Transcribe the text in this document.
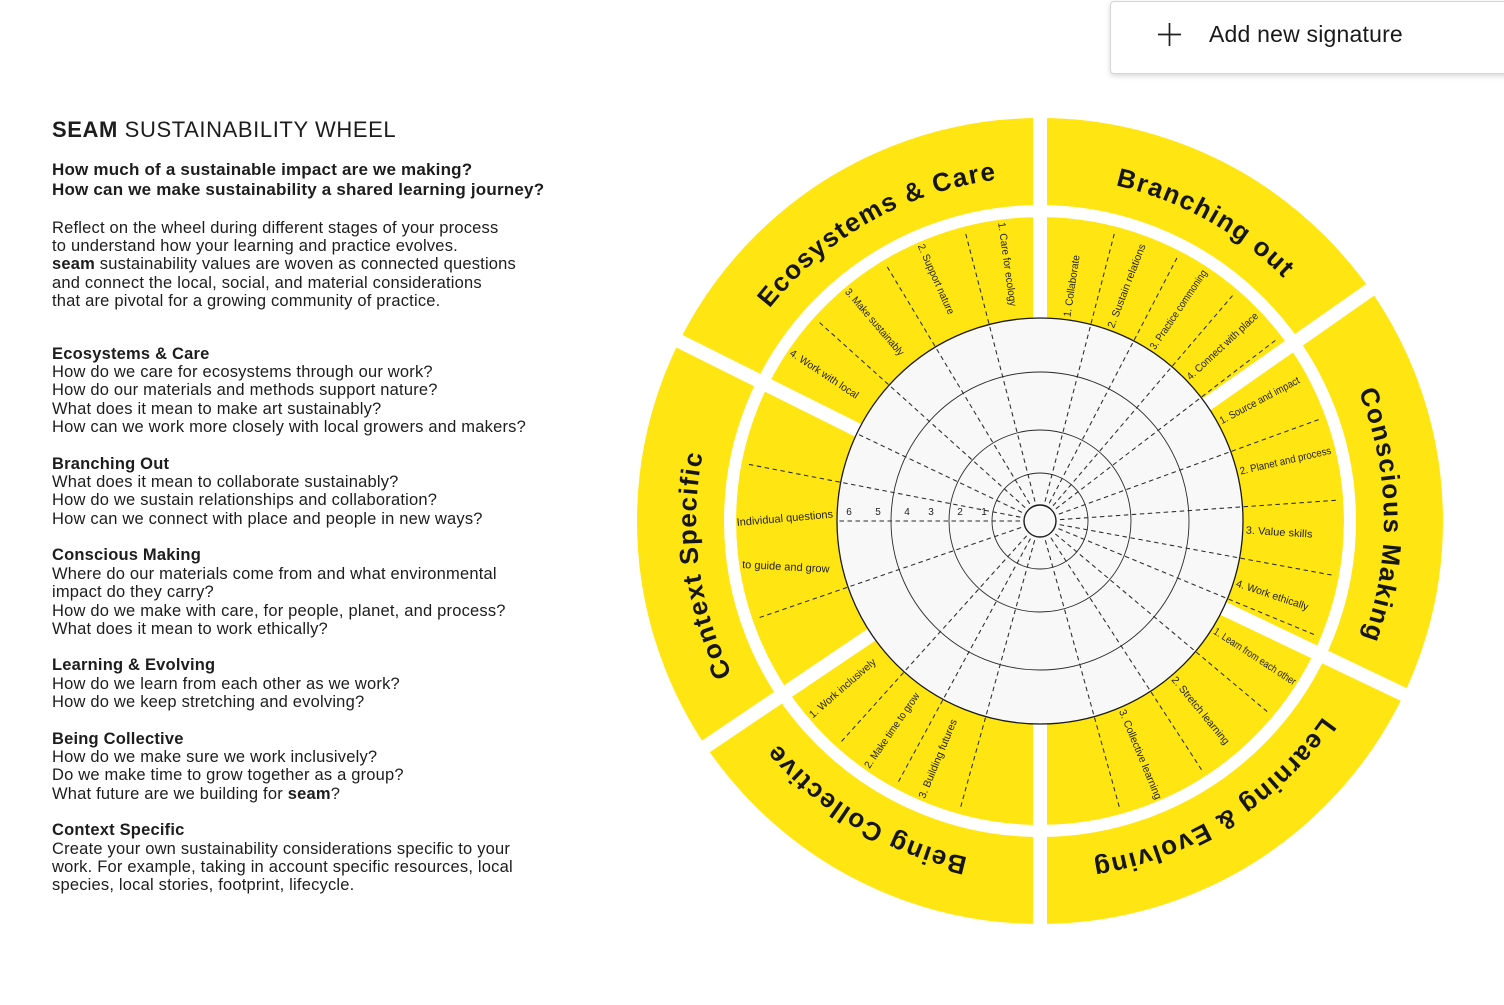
Add new signature
SEAM SUSTAINABILITY WHEEL
How much of a sustainable impact are we making?
How can we make sustainability a shared learning journey?
Reflect on the wheel during different stages of your process
to understand how your learning and practice evolves.
seam sustainability values are woven as connected questions
and connect the local, social, and material considerations
that are pivotal for a growing community of practice.
Ecosystems & Care
How do we care for ecosystems through our work?
How do our materials and methods support nature?
What does it mean to make art sustainably?
How can we work more closely with local growers and makers?
Branching Out
What does it mean to collaborate sustainably?
How do we sustain relationships and collaboration?
How can we connect with place and people in new ways?
Conscious Making
Where do our materials come from and what environmental
impact do they carry?
How do we make with care, for people, planet, and process?
What does it mean to work ethically?
Learning & Evolving
How do we learn from each other as we work?
How do we keep stretching and evolving?
Being Collective
How do we make sure we work inclusively?
Do we make time to grow together as a group?
What future are we building for seam?
Context Specific
Create your own sustainability considerations specific to your
work. For example, taking in account specific resources, local
species, local stories, footprint, lifecycle.
1
2
3
4
5
6
1. Collaborate 2. Sustain relations 3. Practice commoning
4. Connect with place
1. Source and impact
2. Planet and process
3. Value skills
4. Work ethically
1. Learn from each other
2. Stretch learning
3. Collective learning
1. Work inclusively
2. Make time to grow
3. Building futures
4. Work with local
3. Make sustainably
2. Support nature	1. Care for ecology
Individual questions
to guide and grow
Branching out
Conscious Making
Learning & Evolving
Being Collective
Context Specific
Ecosystems & Care
